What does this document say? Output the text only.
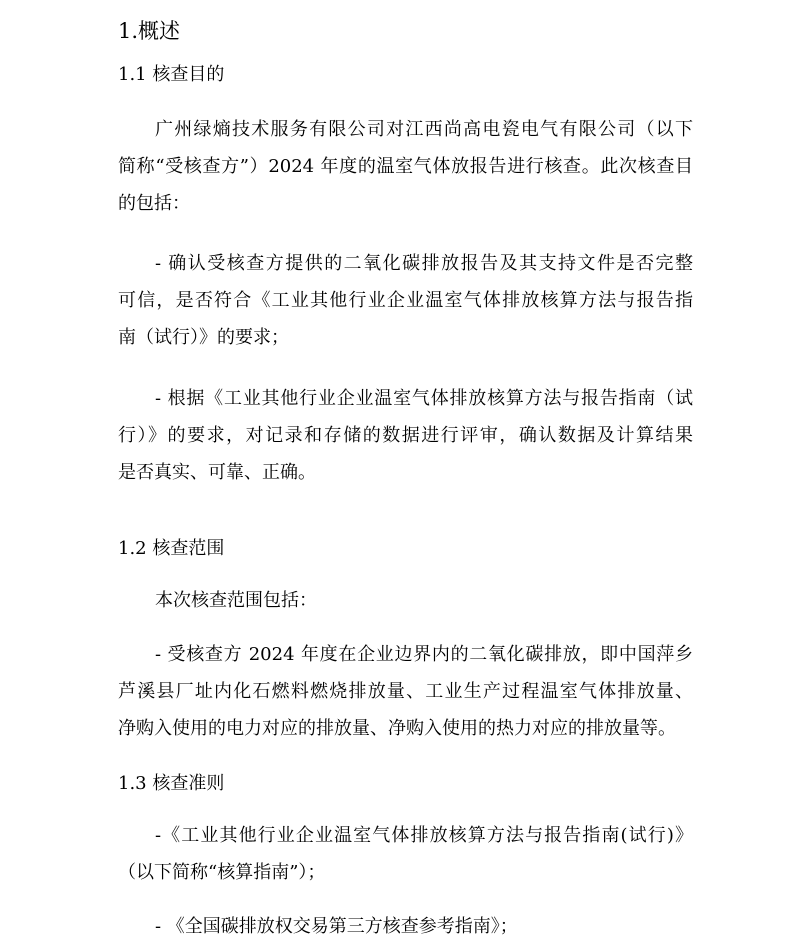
1.概述
1.1 核查目的
广州绿熵技术服务有限公司对江西尚高电瓷电气有限公司（以下
简称“受核查方”）2024 年度的温室气体放报告进行核查。此次核查目
的包括：
- 确认受核查方提供的二氧化碳排放报告及其支持文件是否完整
可信，是否符合《工业其他行业企业温室气体排放核算方法与报告指
南（试行）》的要求；
- 根据《工业其他行业企业温室气体排放核算方法与报告指南（试
行）》的要求，对记录和存储的数据进行评审，确认数据及计算结果
是否真实、可靠、正确。
1.2 核查范围
本次核查范围包括：
- 受核查方 2024 年度在企业边界内的二氧化碳排放，即中国萍乡
芦溪县厂址内化石燃料燃烧排放量、工业生产过程温室气体排放量、
净购入使用的电力对应的排放量、净购入使用的热力对应的排放量等。
1.3 核查准则
-《工业其他行业企业温室气体排放核算方法与报告指南(试行)》
（以下简称“核算指南”）；
- 《全国碳排放权交易第三方核查参考指南》；
